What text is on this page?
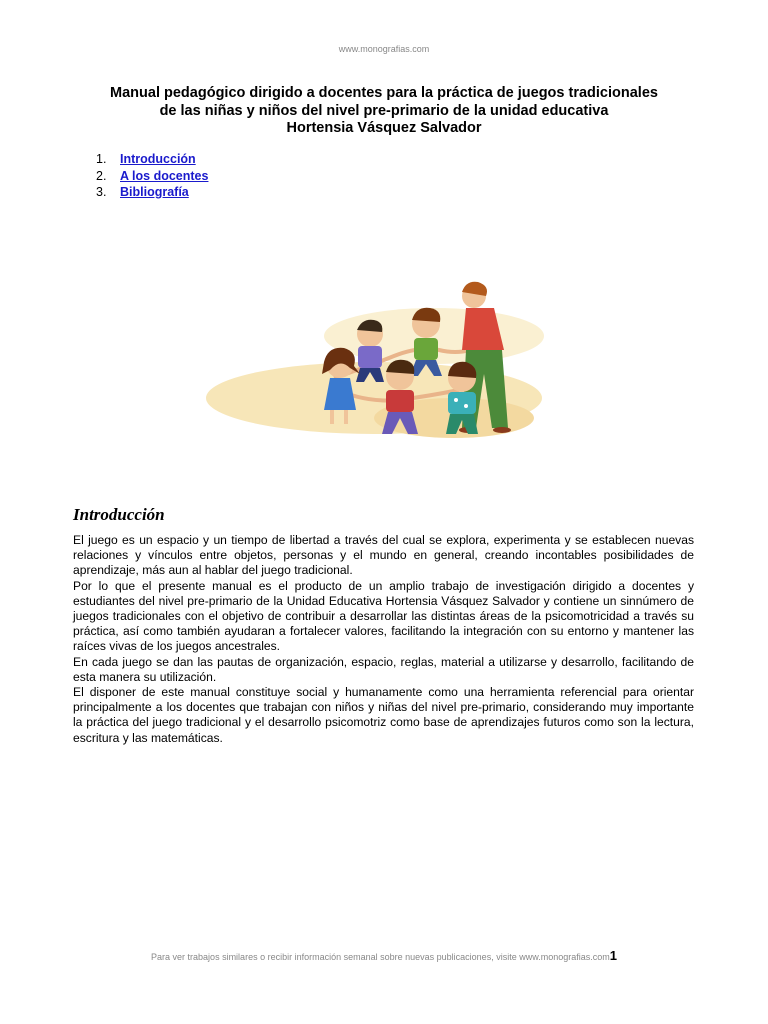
www.monografias.com
Manual pedagógico dirigido a docentes para la práctica de juegos tradicionales
de las niñas y niños del nivel pre-primario de la unidad educativa
Hortensia Vásquez Salvador
1.	Introducción
2.	A los docentes
3.	Bibliografía
Introducción

El juego es un espacio y un tiempo de libertad a través del cual se explora, experimenta y se establecen nuevas relaciones y vínculos entre objetos, personas y el mundo en general, creando incontables posibilidades de aprendizaje, más aun al hablar del juego tradicional.

Por lo que el presente manual es el producto de un amplio trabajo de investigación dirigido a docentes y estudiantes del nivel pre-primario de la Unidad Educativa Hortensia Vásquez Salvador y contiene un sinnúmero de juegos tradicionales con el objetivo de contribuir a desarrollar las distintas áreas de la psicomotricidad a través su práctica, así como también ayudaran a fortalecer valores, facilitando la integración con su entorno y mantener las raíces vivas de los juegos ancestrales.

En cada juego se dan las pautas de organización, espacio, reglas, material a utilizarse y desarrollo, facilitando de esta manera su utilización.

El disponer de este manual constituye social y humanamente como una herramienta referencial para orientar principalmente a los docentes que trabajan con niños y niñas del nivel pre-primario, considerando muy importante la práctica del juego tradicional y el desarrollo psicomotriz como base de aprendizajes futuros como son la lectura, escritura y las matemáticas.

Para ver trabajos similares o recibir información semanal sobre nuevas publicaciones, visite www.monografias.com1
